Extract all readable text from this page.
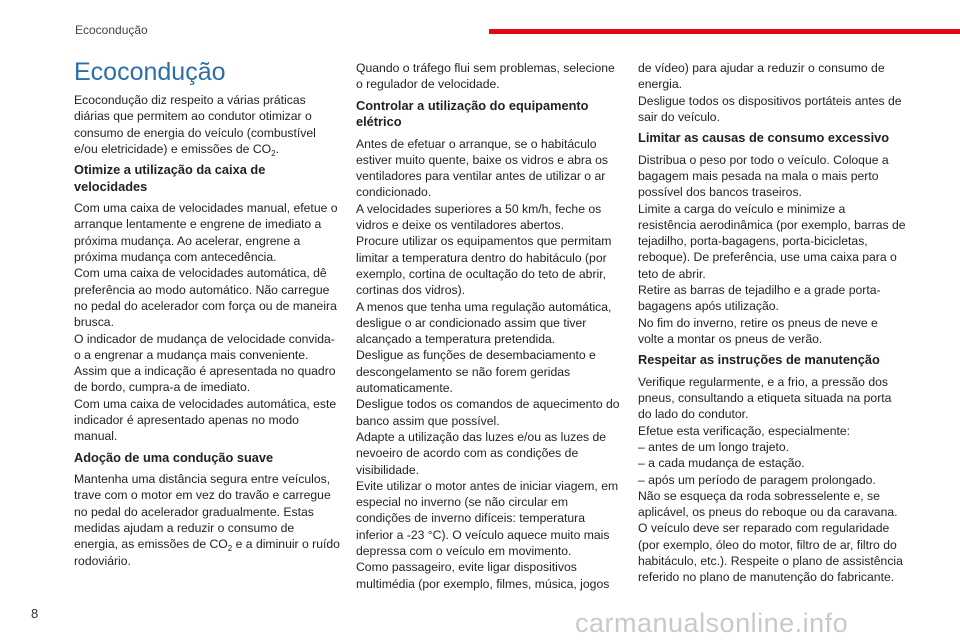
Ecocondução
Ecocondução

Ecocondução diz respeito a várias práticas diárias que permitem ao condutor otimizar o consumo de energia do veículo (combustível e/ou eletricidade) e emissões de $CO_2$.

Otimize a utilização da caixa de velocidades

Com uma caixa de velocidades manual, efetue o arranque lentamente e engrene de imediato a próxima mudança. Ao acelerar, engrene a próxima mudança com antecedência.

Com uma caixa de velocidades automática, dê preferência ao modo automático. Não carregue no pedal do acelerador com força ou de maneira brusca.

O indicador de mudança de velocidade convida-o a engrenar a mudança mais conveniente. Assim que a indicação é apresentada no quadro de bordo, cumpra-a de imediato.

Com uma caixa de velocidades automática, este indicador é apresentado apenas no modo manual.

Adoção de uma condução suave

Mantenha uma distância segura entre veículos, trave com o motor em vez do travão e carregue no pedal do acelerador gradualmente. Estas medidas ajudam a reduzir o consumo de energia, as emissões de $CO_2$ e a diminuir o ruído rodoviário.

Quando o tráfego flui sem problemas, selecione o regulador de velocidade.

Controlar a utilização do equipamento elétrico

Antes de efetuar o arranque, se o habitáculo estiver muito quente, baixe os vidros e abra os ventiladores para ventilar antes de utilizar o ar condicionado.

A velocidades superiores a 50 km/h, feche os vidros e deixe os ventiladores abertos.

Procure utilizar os equipamentos que permitam limitar a temperatura dentro do habitáculo (por exemplo, cortina de ocultação do teto de abrir, cortinas dos vidros).

A menos que tenha uma regulação automática, desligue o ar condicionado assim que tiver alcançado a temperatura pretendida.

Desligue as funções de desembaciamento e descongelamento se não forem geridas automaticamente.

Desligue todos os comandos de aquecimento do banco assim que possível.

Adapte a utilização das luzes e/ou as luzes de nevoeiro de acordo com as condições de visibilidade.

Evite utilizar o motor antes de iniciar viagem, em especial no inverno (se não circular em condições de inverno difíceis: temperatura inferior a -23 °C). O veículo aquece muito mais depressa com o veículo em movimento.

Como passageiro, evite ligar dispositivos multimédia (por exemplo, filmes, música, jogos

de vídeo) para ajudar a reduzir o consumo de energia.

Desligue todos os dispositivos portáteis antes de sair do veículo.

Limitar as causas de consumo excessivo

Distribua o peso por todo o veículo. Coloque a bagagem mais pesada na mala o mais perto possível dos bancos traseiros.

Limite a carga do veículo e minimize a resistência aerodinâmica (por exemplo, barras de tejadilho, porta-bagagens, porta-bicicletas, reboque). De preferência, use uma caixa para o teto de abrir.

Retire as barras de tejadilho e a grade porta-bagagens após utilização.

No fim do inverno, retire os pneus de neve e volte a montar os pneus de verão.

Respeitar as instruções de manutenção

Verifique regularmente, e a frio, a pressão dos pneus, consultando a etiqueta situada na porta do lado do condutor.

Efetue esta verificação, especialmente:

– antes de um longo trajeto.

– a cada mudança de estação.

– após um período de paragem prolongado.

Não se esqueça da roda sobresselente e, se aplicável, os pneus do reboque ou da caravana.

O veículo deve ser reparado com regularidade (por exemplo, óleo do motor, filtro de ar, filtro do habitáculo, etc.). Respeite o plano de assistência referido no plano de manutenção do fabricante.

8	carmanualsonline.info
